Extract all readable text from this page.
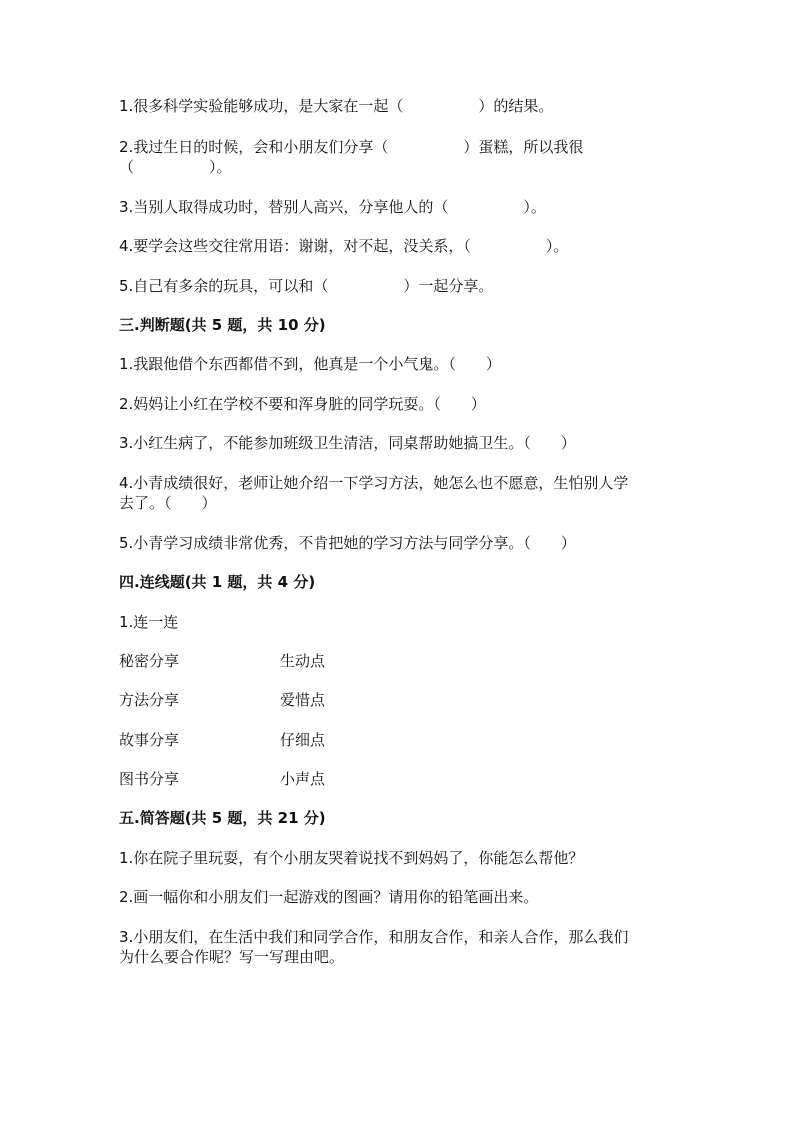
1.很多科学实验能够成功，是大家在一起（　　　　　）的结果。
2.我过生日的时候，会和小朋友们分享（　　　　　）蛋糕，所以我很
（　　　　　）。
3.当别人取得成功时，替别人高兴，分享他人的（　　　　　）。
4.要学会这些交往常用语：谢谢，对不起，没关系，（　　　　　）。
5.自己有多余的玩具，可以和（　　　　　）一起分享。
三.判断题(共 5 题，共 10 分)
1.我跟他借个东西都借不到，他真是一个小气鬼。（　　）
2.妈妈让小红在学校不要和浑身脏的同学玩耍。（　　）
3.小红生病了，不能参加班级卫生清洁，同桌帮助她搞卫生。（　　）
4.小青成绩很好，老师让她介绍一下学习方法，她怎么也不愿意，生怕别人学
去了。（　　）
5.小青学习成绩非常优秀，不肯把她的学习方法与同学分享。（　　）
四.连线题(共 1 题，共 4 分)
1.连一连
秘密分享	生动点
方法分享	爱惜点
故事分享	仔细点
图书分享	小声点
五.简答题(共 5 题，共 21 分)
1.你在院子里玩耍，有个小朋友哭着说找不到妈妈了，你能怎么帮他？
2.画一幅你和小朋友们一起游戏的图画？请用你的铅笔画出来。
3.小朋友们，在生活中我们和同学合作，和朋友合作，和亲人合作，那么我们
为什么要合作呢？写一写理由吧。
